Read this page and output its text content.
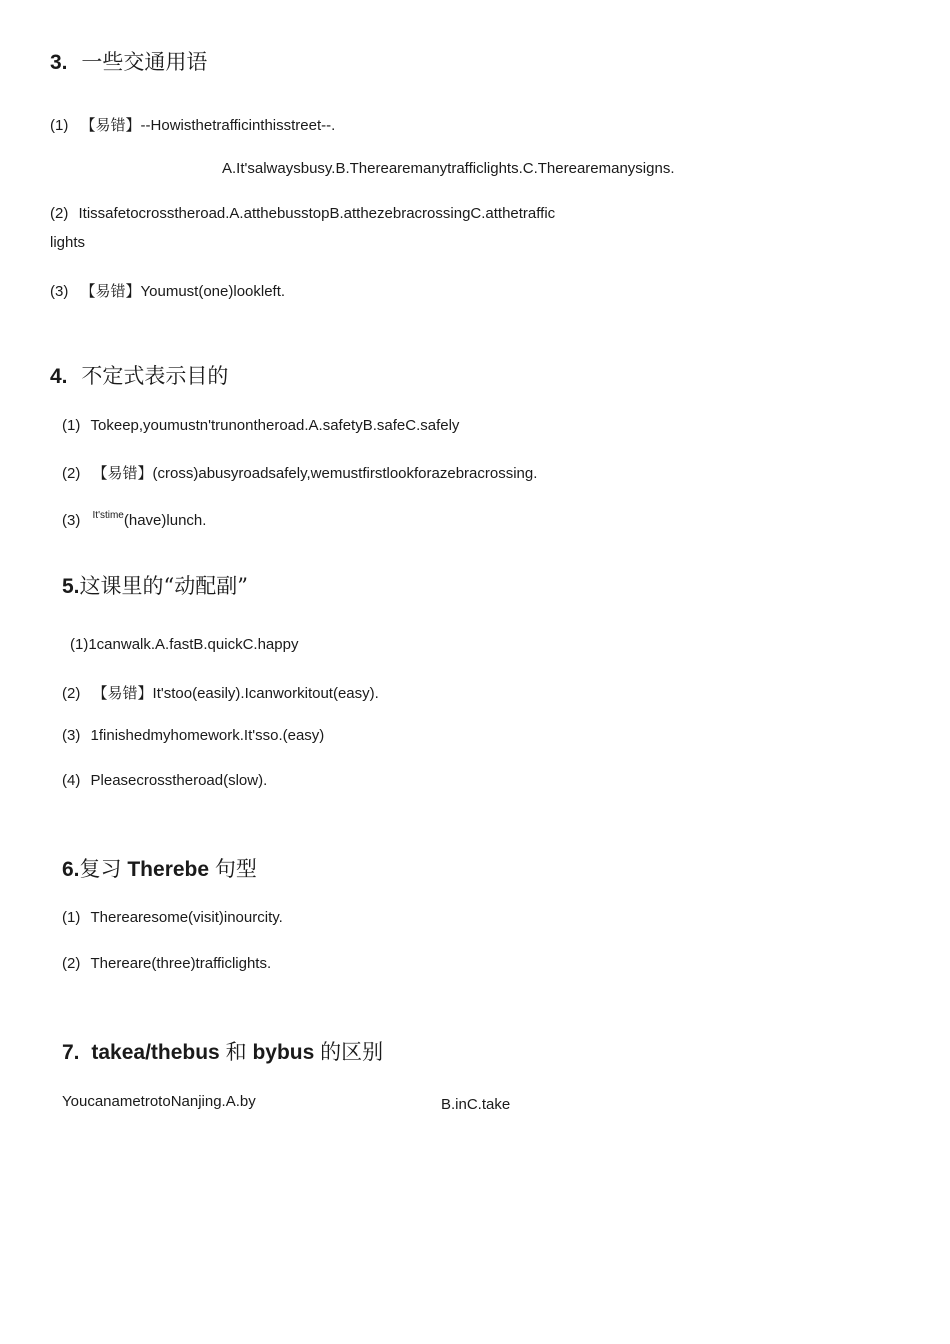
3. 一些交通用语
(1) 【易错】--Howisthetrafficinthisstreet--.
A.It'salwaysbusy.B.Therearemanytrafficlights.C.Therearemanysigns.
(2) Itissafetocrosstheroad.A.atthebusstopB.atthezebracrossingC.atthetraffic
lights
(3) 【易错】Youmust(one)lookleft.
4. 不定式表示目的
(1) Tokeep,youmustn'trunontheroad.A.safetyB.safeC.safely
(2) 【易错】(cross)abusyroadsafely,wemustfirstlookforazebracrossing.
(3) $^{It'stime}$(have)lunch.
5.这课里的“动配副”
(1)1canwalk.A.fastB.quickC.happy
(2) 【易错】It'stoo(easily).Icanworkitout(easy).
(3) 1finishedmyhomework.It'sso.(easy)
(4) Pleasecrosstheroad(slow).
6.复习 Therebe 句型
(1) Therearesome(visit)inourcity.
(2) Thereare(three)trafficlights.
7. takea/thebus 和 bybus 的区别
YoucanametrotoNanjing.A.by	B.inC.take
